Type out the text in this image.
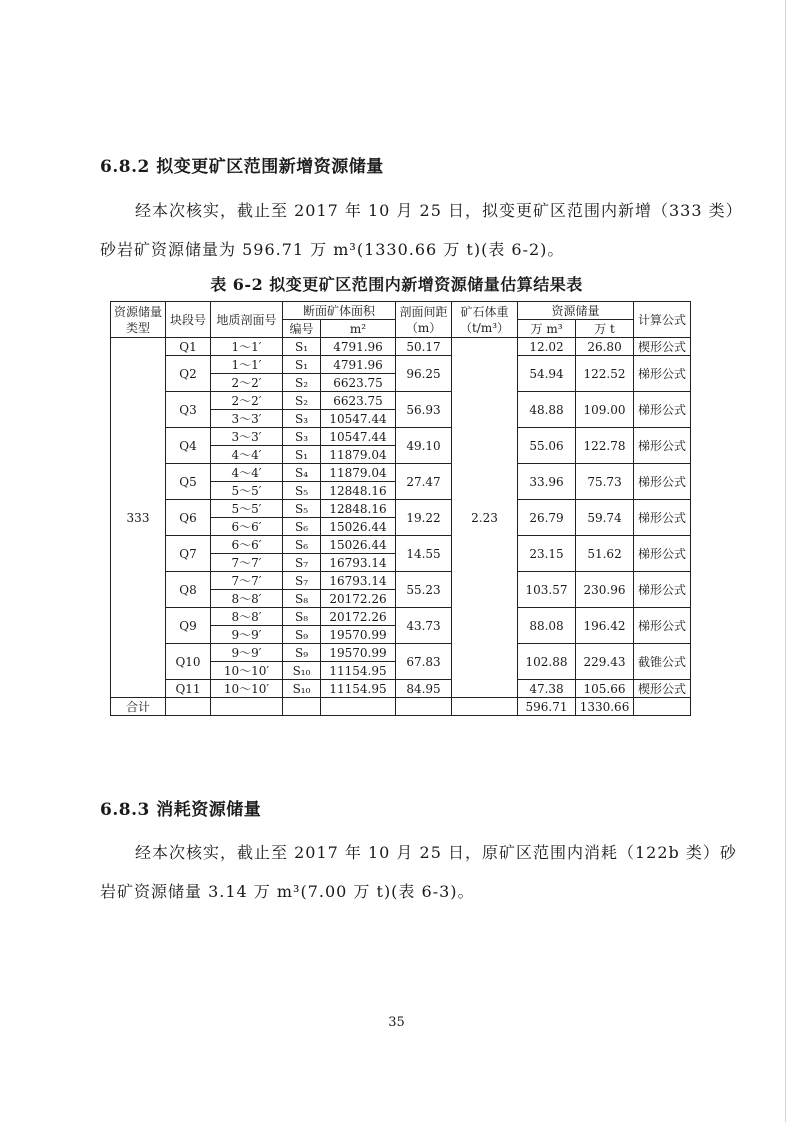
6.8.2 拟变更矿区范围新增资源储量
经本次核实，截止至 2017 年 10 月 25 日，拟变更矿区范围内新增（333 类）
砂岩矿资源储量为 596.71 万 m³(1330.66 万 t)(表 6-2)。
表 6-2 拟变更矿区范围内新增资源储量估算结果表
资源储量类型	块段号	地质剖面号	断面矿体面积		剖面间距（m）	矿石体重（t/m³）	资源储量		计算公式
			编号	m²			万 m³	万 t	
333	Q1	1～1′	S₁	4791.96	50.17	2.23	12.02	26.80	楔形公式
	Q2	1～1′	S₁	4791.96	96.25		54.94	122.52	梯形公式
		2～2′	S₂	6623.75					
	Q3	2～2′	S₂	6623.75	56.93		48.88	109.00	梯形公式
		3～3′	S₃	10547.44					
	Q4	3～3′	S₃	10547.44	49.10		55.06	122.78	梯形公式
		4～4′	S₁	11879.04					
	Q5	4～4′	S₄	11879.04	27.47		33.96	75.73	梯形公式
		5～5′	S₅	12848.16					
	Q6	5～5′	S₅	12848.16	19.22		26.79	59.74	梯形公式
		6～6′	S₆	15026.44					
	Q7	6～6′	S₆	15026.44	14.55		23.15	51.62	梯形公式
		7～7′	S₇	16793.14					
	Q8	7～7′	S₇	16793.14	55.23		103.57	230.96	梯形公式
		8～8′	S₈	20172.26					
	Q9	8～8′	S₈	20172.26	43.73		88.08	196.42	梯形公式
		9～9′	S₉	19570.99					
	Q10	9～9′	S₉	19570.99	67.83		102.88	229.43	截锥公式
		10～10′	S₁₀	11154.95					
	Q11	10～10′	S₁₀	11154.95	84.95		47.38	105.66	楔形公式
合计							596.71	1330.66	
6.8.3 消耗资源储量
经本次核实，截止至 2017 年 10 月 25 日，原矿区范围内消耗（122b 类）砂
岩矿资源储量 3.14 万 m³(7.00 万 t)(表 6-3)。
35
